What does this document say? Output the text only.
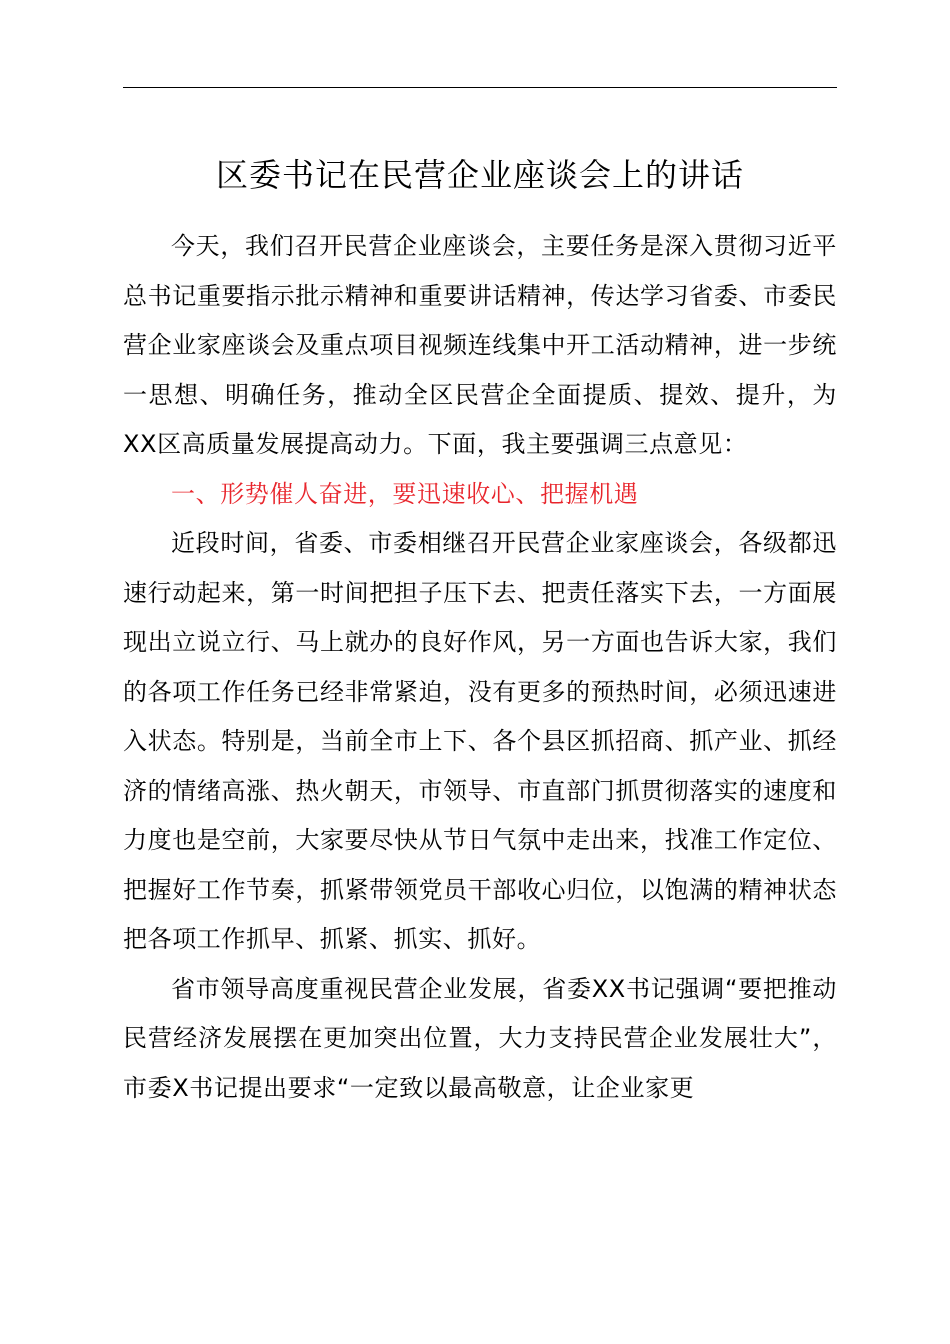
区委书记在民营企业座谈会上的讲话

今天，我们召开民营企业座谈会，主要任务是深入贯彻习近平总书记重要指示批示精神和重要讲话精神，传达学习省委、市委民营企业家座谈会及重点项目视频连线集中开工活动精神，进一步统一思想、明确任务，推动全区民营企全面提质、提效、提升，为XX区高质量发展提高动力。下面，我主要强调三点意见：

一、形势催人奋进，要迅速收心、把握机遇

近段时间，省委、市委相继召开民营企业家座谈会，各级都迅速行动起来，第一时间把担子压下去、把责任落实下去，一方面展现出立说立行、马上就办的良好作风，另一方面也告诉大家，我们的各项工作任务已经非常紧迫，没有更多的预热时间，必须迅速进入状态。特别是，当前全市上下、各个县区抓招商、抓产业、抓经济的情绪高涨、热火朝天，市领导、市直部门抓贯彻落实的速度和力度也是空前，大家要尽快从节日气氛中走出来，找准工作定位、把握好工作节奏，抓紧带领党员干部收心归位，以饱满的精神状态把各项工作抓早、抓紧、抓实、抓好。

省市领导高度重视民营企业发展，省委XX书记强调“要把推动民营经济发展摆在更加突出位置，大力支持民营企业发展壮大”，市委X书记提出要求“一定致以最高敬意，让企业家更
